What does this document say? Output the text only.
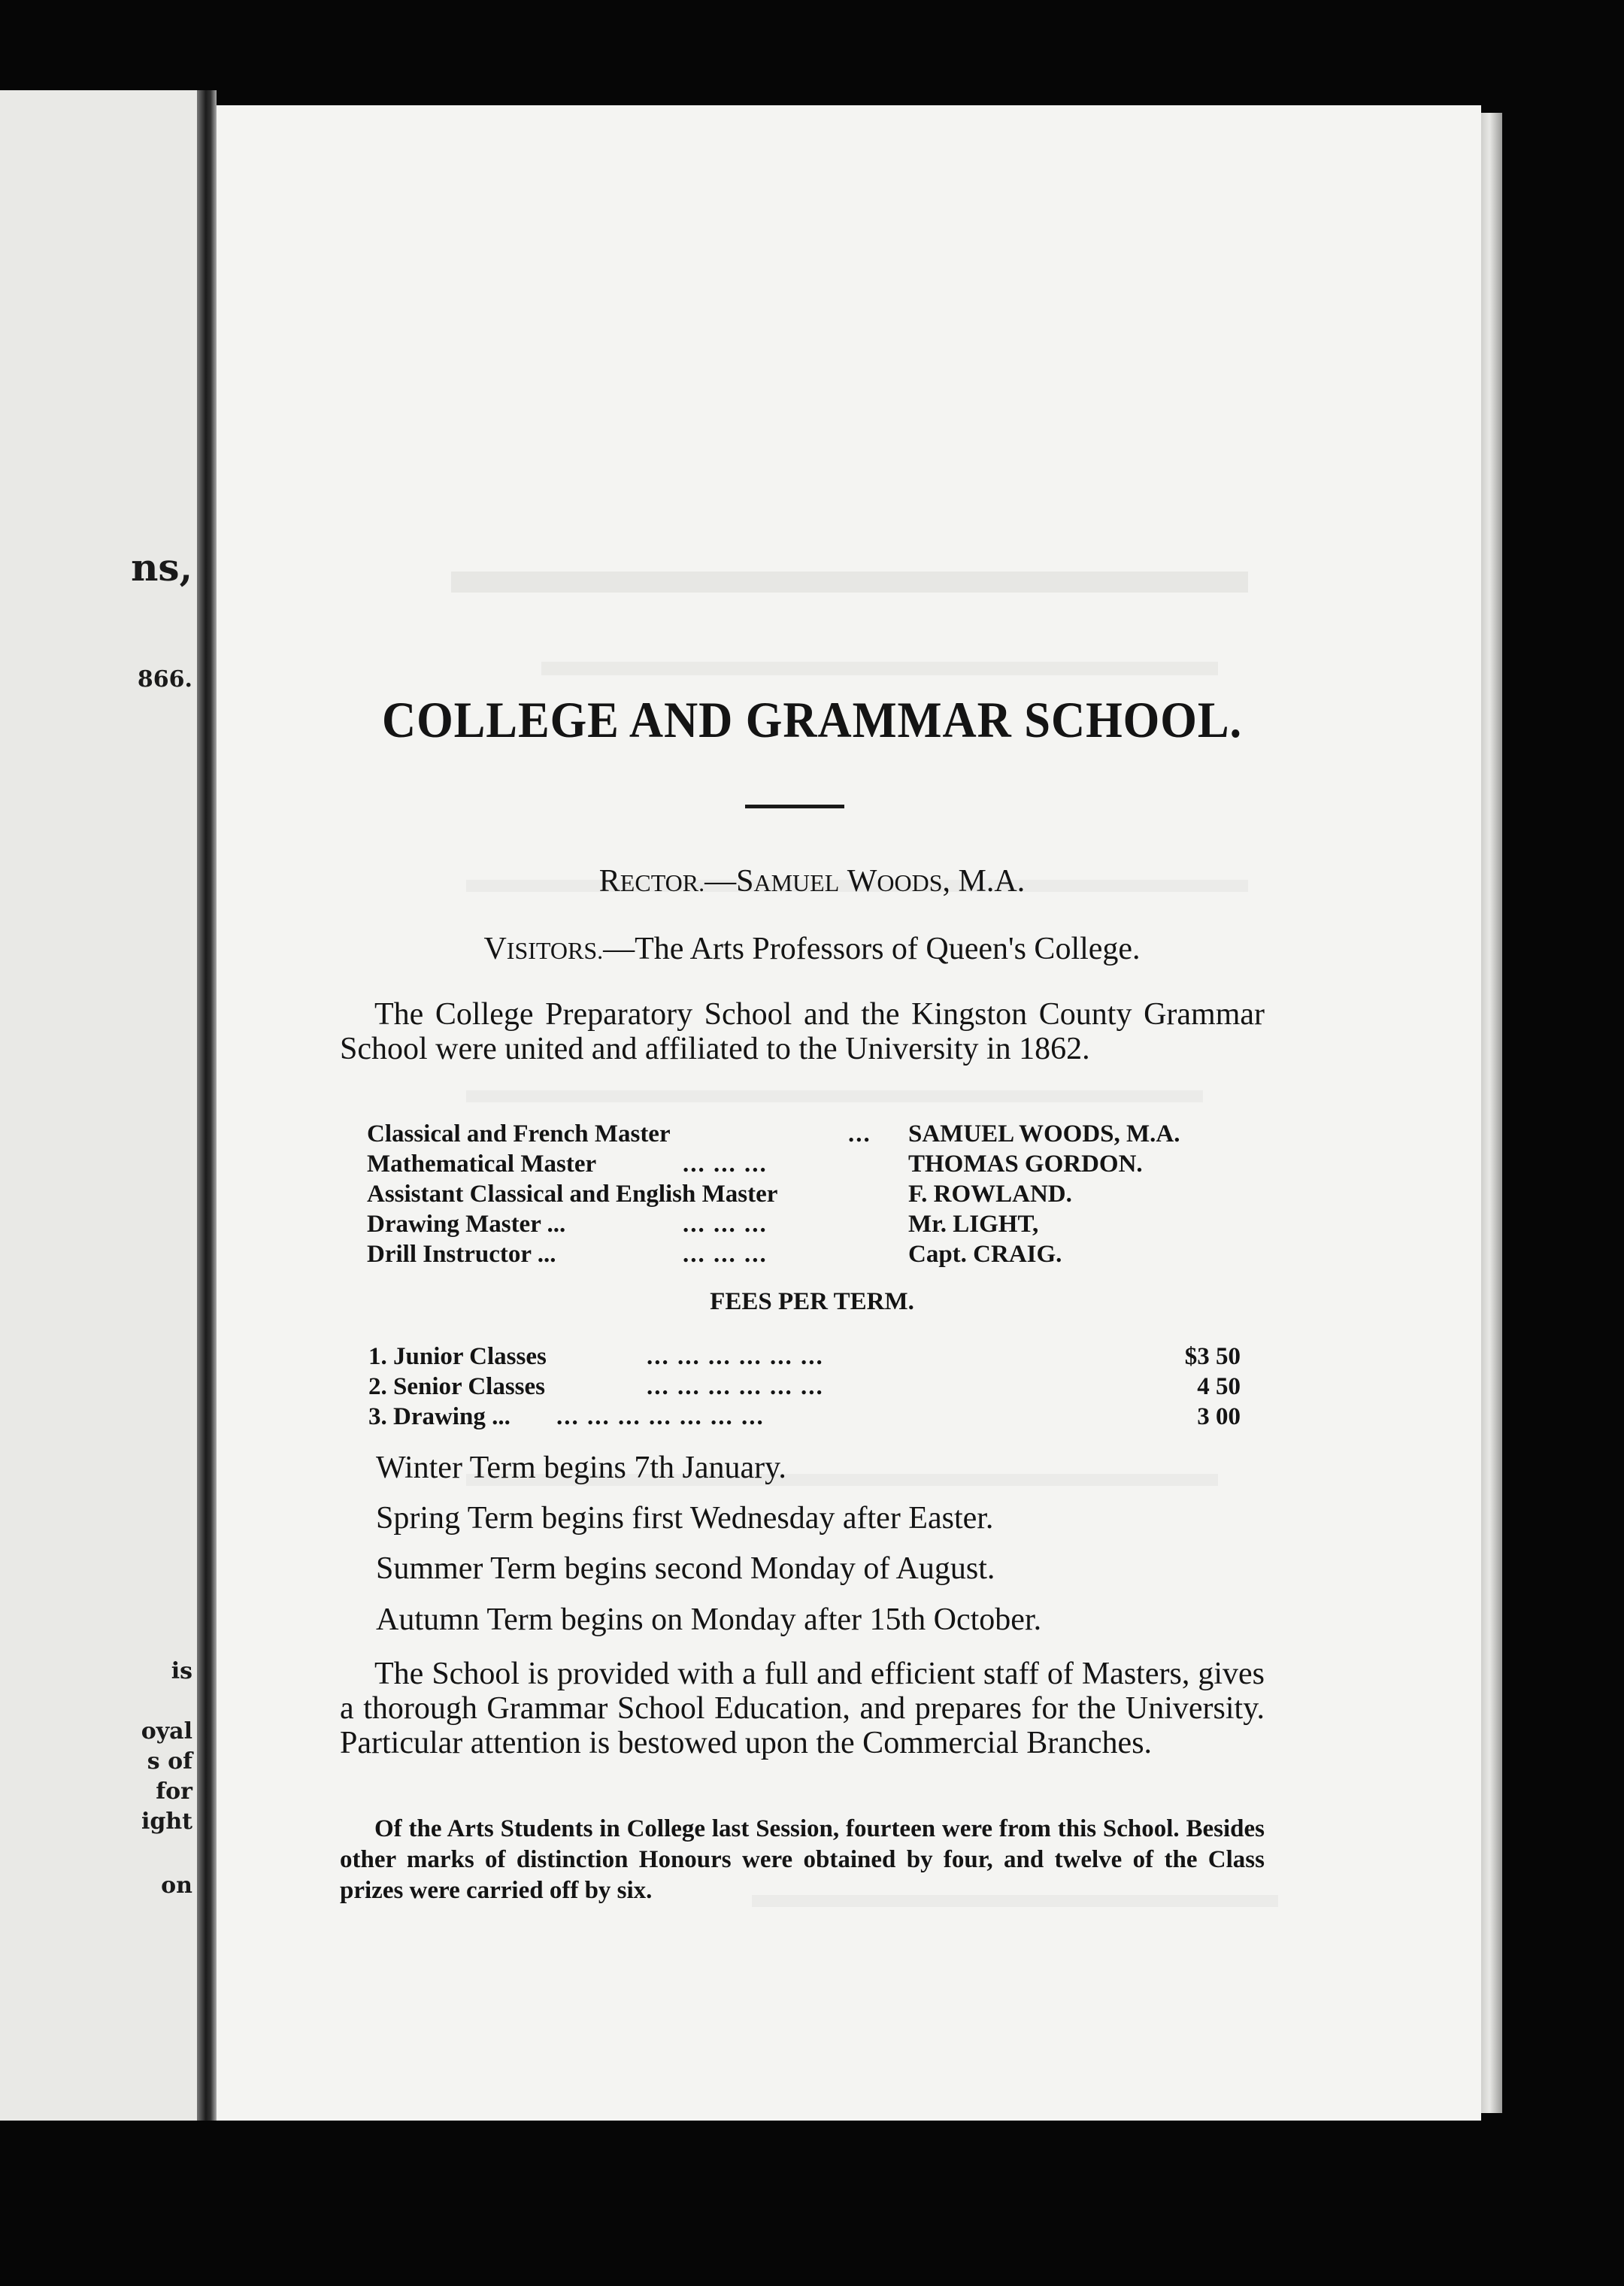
ns,
866.
is
oyal
s of
for
ight
on
COLLEGE AND GRAMMAR SCHOOL.
RECTOR.—SAMUEL WOODS, M.A.
VISITORS.—The Arts Professors of Queen's College.
The College Preparatory School and the Kingston County Grammar School were united and affiliated to the University in 1862.
Classical and French Master	... SAMUEL WOODS, M.A.
Mathematical Master	... ... ...	THOMAS GORDON.
Assistant Classical and English Master	F. ROWLAND.
Drawing Master ...	... ... ...	Mr. LIGHT,
Drill Instructor ...	... ... ...	Capt. CRAIG.
FEES PER TERM.
1. Junior Classes	... ... ... ... ... ...	$3 50
2. Senior Classes	... ... ... ... ... ...	4 50
3. Drawing ... ... ... ... ... ... ... ...	3 00
Winter Term begins 7th January.
Spring Term begins first Wednesday after Easter.
Summer Term begins second Monday of August.
Autumn Term begins on Monday after 15th October.
The School is provided with a full and efficient staff of Masters, gives a thorough Grammar School Education, and prepares for the University. Particular attention is bestowed upon the Commercial Branches.
Of the Arts Students in College last Session, fourteen were from this School. Besides other marks of distinction Honours were obtained by four, and twelve of the Class prizes were carried off by six.
